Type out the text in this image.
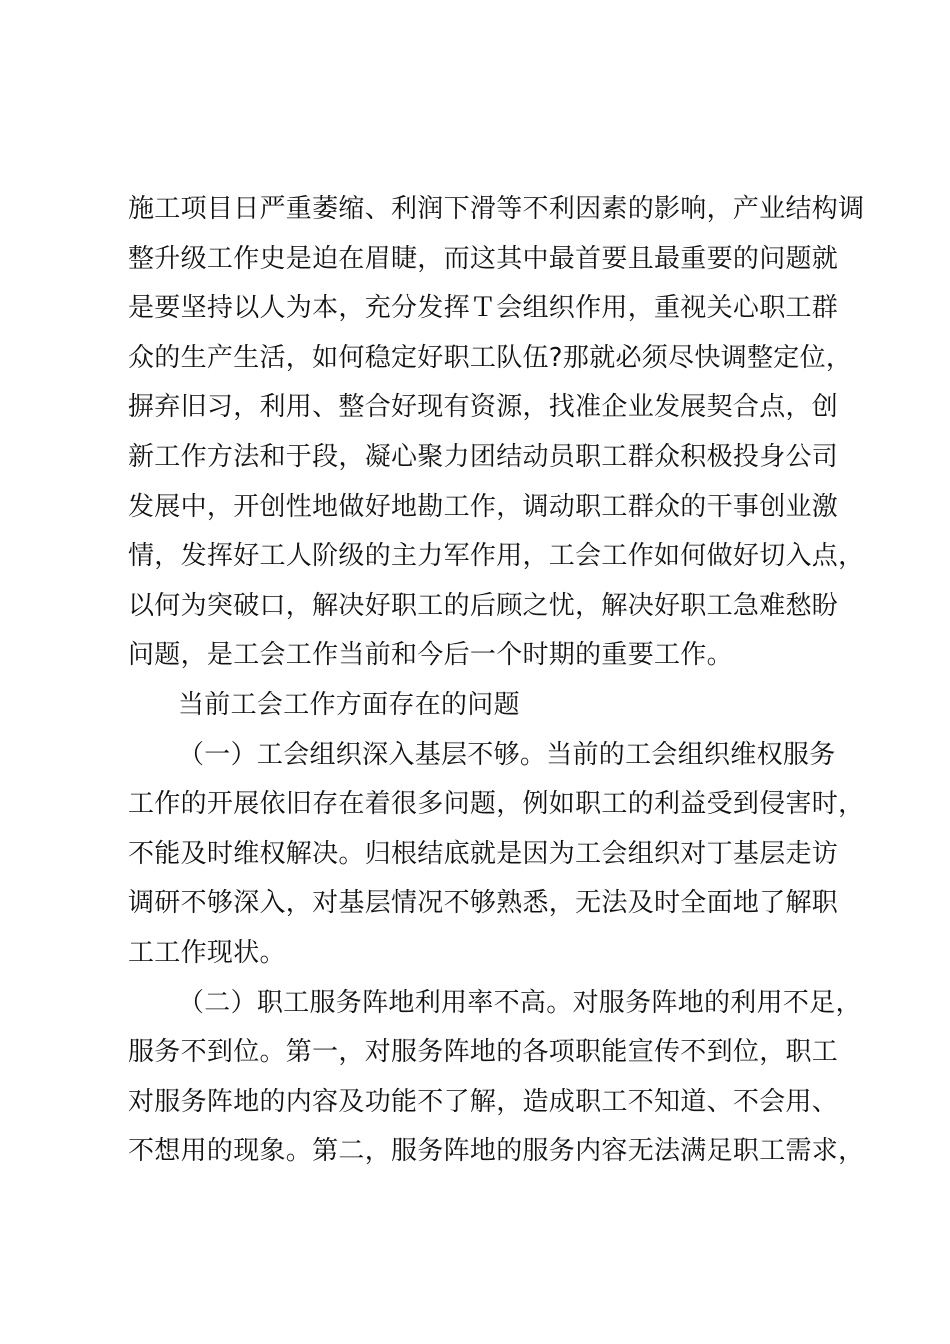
施工项目日严重萎缩、利润下滑等不利因素的影响，产业结构调
整升级工作史是迫在眉睫，而这其中最首要且最重要的问题就
是要坚持以人为本，充分发挥Ｔ会组织作用，重视关心职工群
众的生产生活，如何稳定好职工队伍?那就必须尽快调整定位，
摒弃旧习，利用、整合好现有资源，找准企业发展契合点，创
新工作方法和于段，凝心聚力团结动员职工群众积极投身公司
发展中，开创性地做好地勘工作，调动职工群众的干事创业激
情，发挥好工人阶级的主力军作用，工会工作如何做好切入点，
以何为突破口，解决好职工的后顾之忧，解决好职工急难愁盼
问题，是工会工作当前和今后一个时期的重要工作。
当前工会工作方面存在的问题
（一）工会组织深入基层不够。当前的工会组织维权服务
工作的开展依旧存在着很多问题，例如职工的利益受到侵害时，
不能及时维权解决。归根结底就是因为工会组织对丁基层走访
调研不够深入，对基层情况不够熟悉，无法及时全面地了解职
工工作现状。
（二）职工服务阵地利用率不高。对服务阵地的利用不足，
服务不到位。第一，对服务阵地的各项职能宣传不到位，职工
对服务阵地的内容及功能不了解，造成职工不知道、不会用、
不想用的现象。第二，服务阵地的服务内容无法满足职工需求，
